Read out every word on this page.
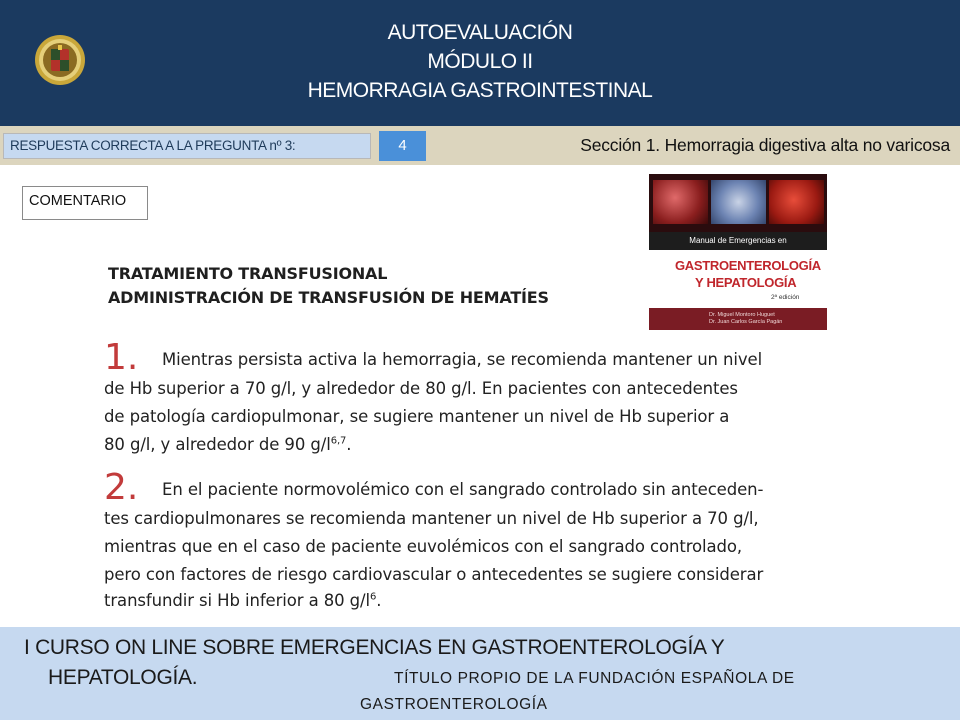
AUTOEVALUACIÓN
MÓDULO II
HEMORRAGIA GASTROINTESTINAL
RESPUESTA CORRECTA A LA PREGUNTA nº 3:	4	Sección 1. Hemorragia digestiva alta no varicosa
COMENTARIO
Manual de Emergencias en
GASTROENTEROLOGÍA
Y HEPATOLOGÍA
2ª edición
Dr. Miguel Montoro Huguet
Dr. Juan Carlos García Pagán
TRATAMIENTO TRANSFUSIONAL
ADMINISTRACIÓN DE TRANSFUSIÓN DE HEMATÍES
1. Mientras persista activa la hemorragia, se recomienda mantener un nivel
de Hb superior a 70 g/l, y alrededor de 80 g/l. En pacientes con antecedentes
de patología cardiopulmonar, se sugiere mantener un nivel de Hb superior a
80 g/l, y alrededor de 90 $g/l^{6,7}$.
2. En el paciente normovolémico con el sangrado controlado sin anteceden-
tes cardiopulmonares se recomienda mantener un nivel de Hb superior a 70 g/l,
mientras que en el caso de paciente euvolémicos con el sangrado controlado,
pero con factores de riesgo cardiovascular o antecedentes se sugiere considerar
transfundir si Hb inferior a 80 $g/l^6$.
I CURSO ON LINE SOBRE EMERGENCIAS EN GASTROENTEROLOGÍA Y
HEPATOLOGÍA.	TÍTULO PROPIO DE LA FUNDACIÓN ESPAÑOLA DE
GASTROENTEROLOGÍA
